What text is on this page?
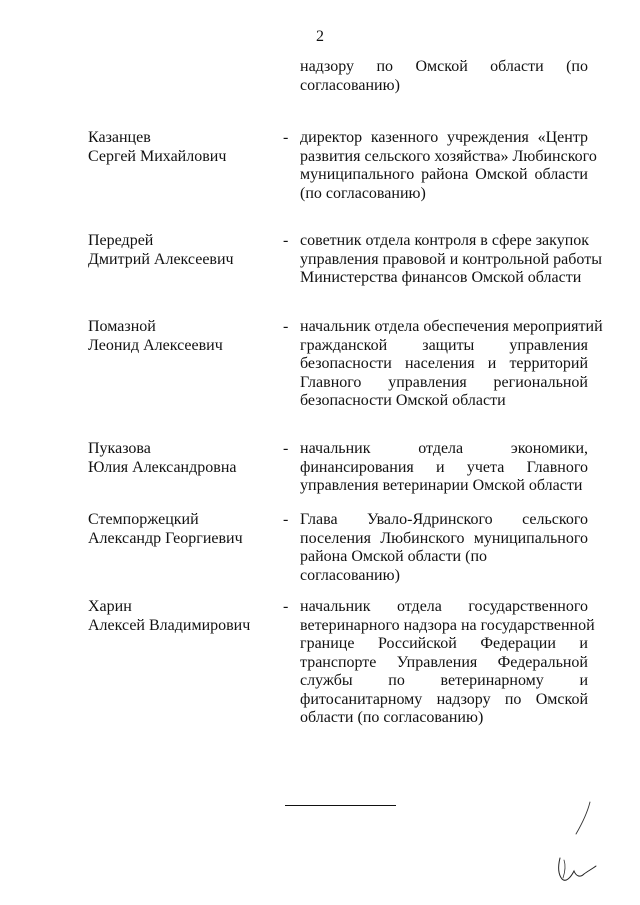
2
надзору по Омской области (по
согласованию)
Казанцев
Сергей Михайлович
- директор казенного учреждения «Центр
развития сельского хозяйства» Любинского
муниципального района Омской области
(по согласованию)
Передрей
Дмитрий Алексеевич
- советник отдела контроля в сфере закупок
управления правовой и контрольной работы
Министерства финансов Омской области
Помазной
Леонид Алексеевич
- начальник отдела обеспечения мероприятий
гражданской защиты управления
безопасности населения и территорий
Главного управления региональной
безопасности Омской области
Пуказова
Юлия Александровна
- начальник отдела экономики,
финансирования и учета Главного
управления ветеринарии Омской области
Стемпоржецкий
Александр Георгиевич
- Глава Увало-Ядринского сельского
поселения Любинского муниципального
района Омской области (по согласованию)
Харин
Алексей Владимирович
- начальник отдела государственного
ветеринарного надзора на государственной
границе Российской Федерации и
транспорте Управления Федеральной
службы по ветеринарному и
фитосанитарному надзору по Омской
области (по согласованию)
